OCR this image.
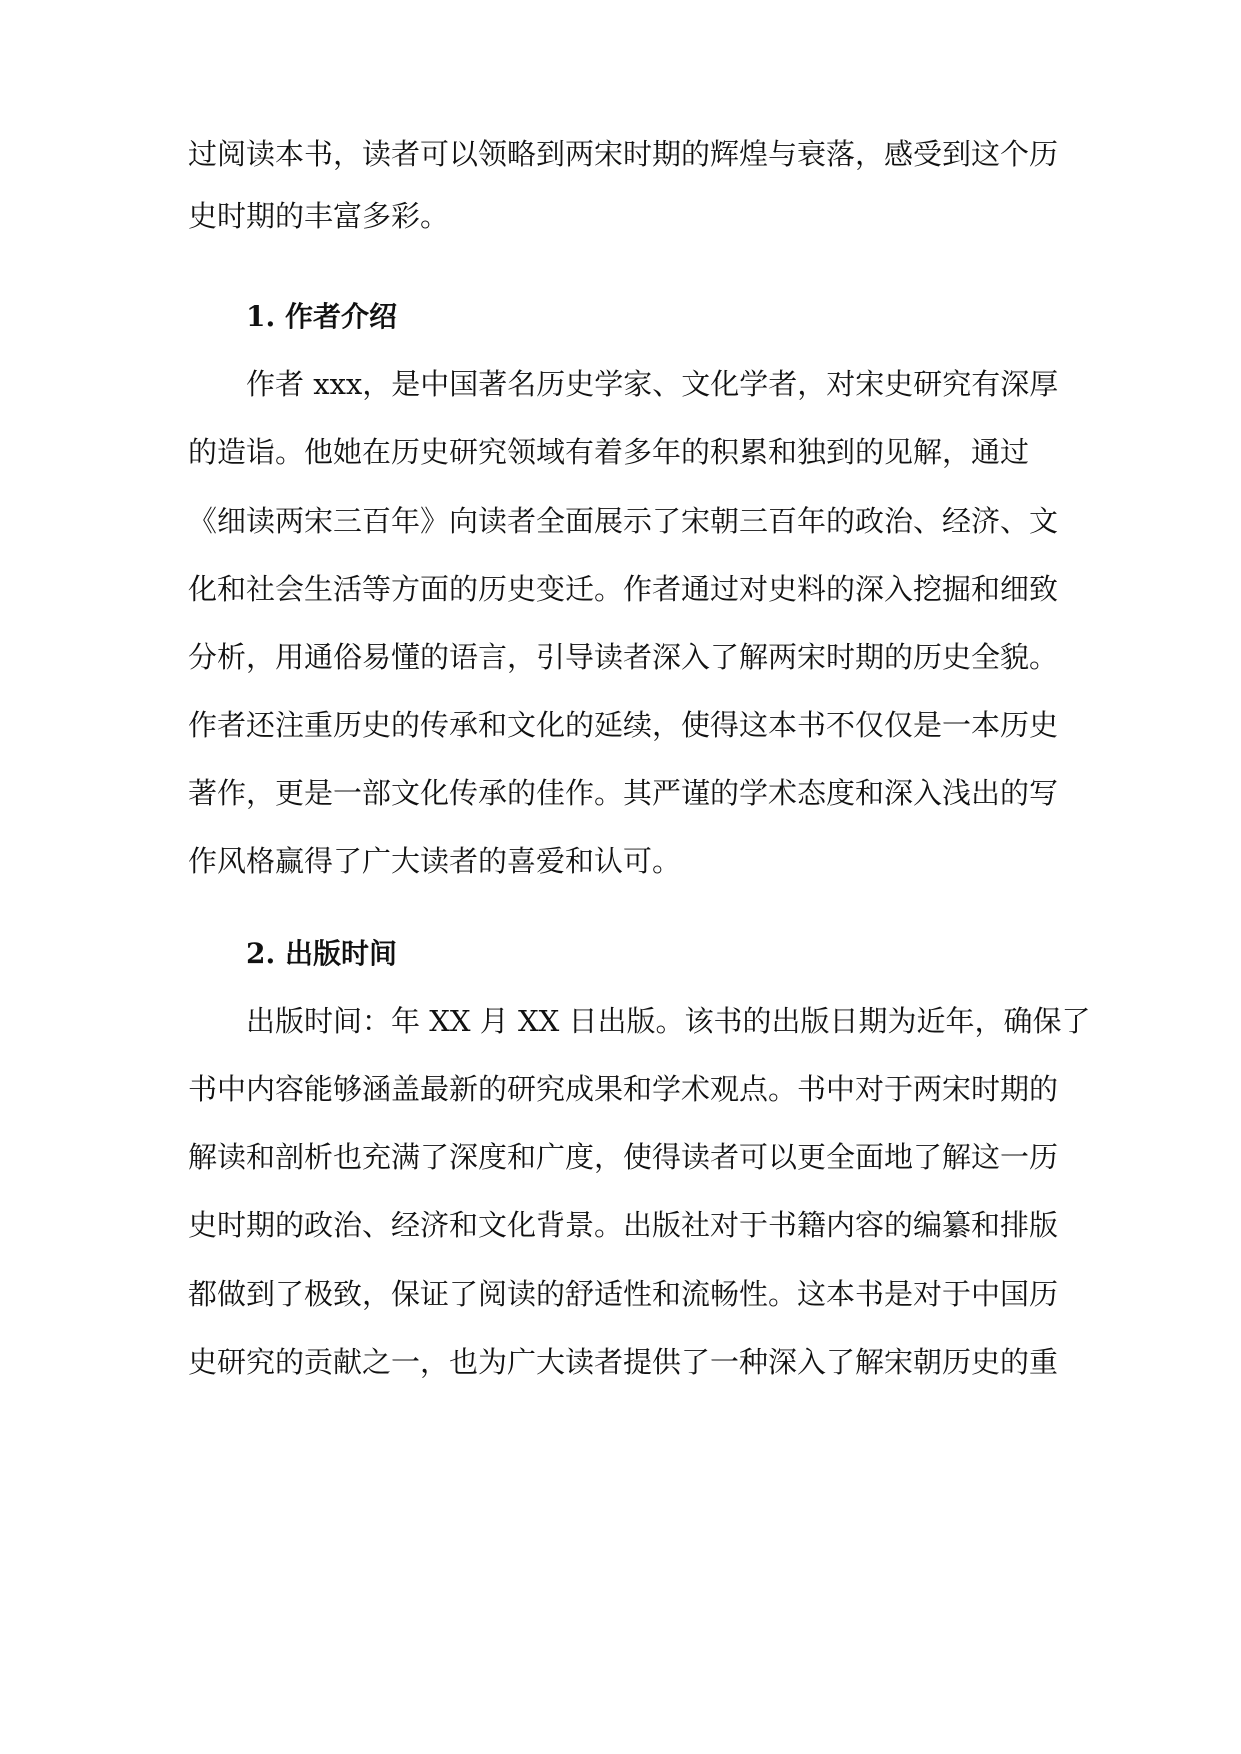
过阅读本书，读者可以领略到两宋时期的辉煌与衰落，感受到这个历
史时期的丰富多彩。
1. 作者介绍
作者 xxx，是中国著名历史学家、文化学者，对宋史研究有深厚
的造诣。他她在历史研究领域有着多年的积累和独到的见解，通过
《细读两宋三百年》向读者全面展示了宋朝三百年的政治、经济、文
化和社会生活等方面的历史变迁。作者通过对史料的深入挖掘和细致
分析，用通俗易懂的语言，引导读者深入了解两宋时期的历史全貌。
作者还注重历史的传承和文化的延续，使得这本书不仅仅是一本历史
著作，更是一部文化传承的佳作。其严谨的学术态度和深入浅出的写
作风格赢得了广大读者的喜爱和认可。
2. 出版时间
出版时间：年 XX 月 XX 日出版。该书的出版日期为近年，确保了
书中内容能够涵盖最新的研究成果和学术观点。书中对于两宋时期的
解读和剖析也充满了深度和广度，使得读者可以更全面地了解这一历
史时期的政治、经济和文化背景。出版社对于书籍内容的编纂和排版
都做到了极致，保证了阅读的舒适性和流畅性。这本书是对于中国历
史研究的贡献之一，也为广大读者提供了一种深入了解宋朝历史的重
